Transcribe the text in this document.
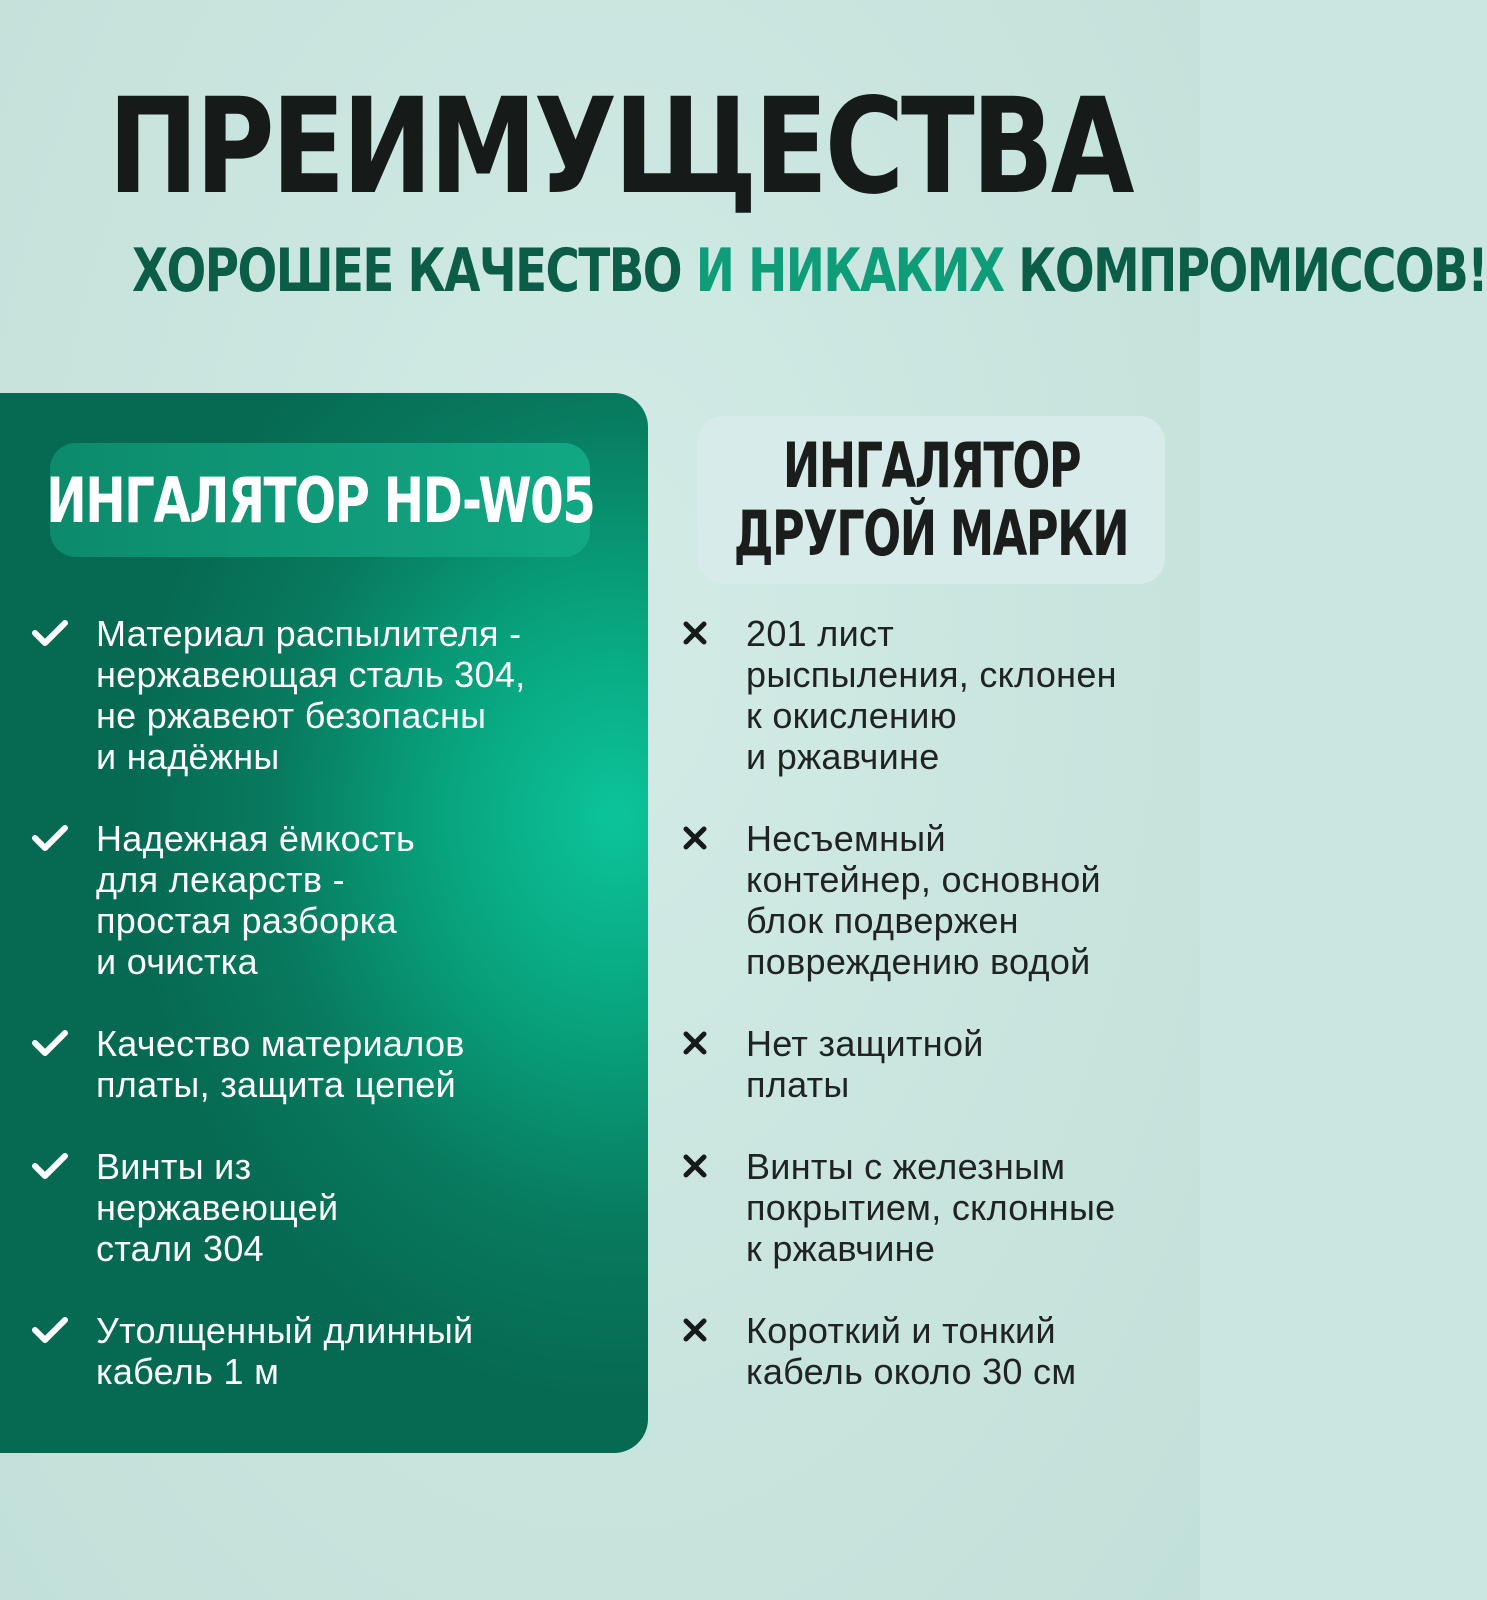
ПРЕИМУЩЕСТВА
ХОРОШЕЕ КАЧЕСТВО И НИКАКИХ КОМПРОМИССОВ!
ИНГАЛЯТОР HD-W05	ИНГАЛЯТОР
ДРУГОЙ МАРКИ
Материал распылителя -
нержавеющая сталь 304,
не ржавеют безопасны
и надёжны
Надежная ёмкость
для лекарств -
простая разборка
и очистка
Качество материалов
платы, защита цепей
Винты из
нержавеющей
стали 304
Утолщенный длинный
кабель 1 м
201 лист
рыспыления, склонен
к окислению
и ржавчине
Несъемный
контейнер, основной
блок подвержен
повреждению водой
Нет защитной
платы
Винты с железным
покрытием, склонные
к ржавчине
Короткий и тонкий
кабель около 30 см
